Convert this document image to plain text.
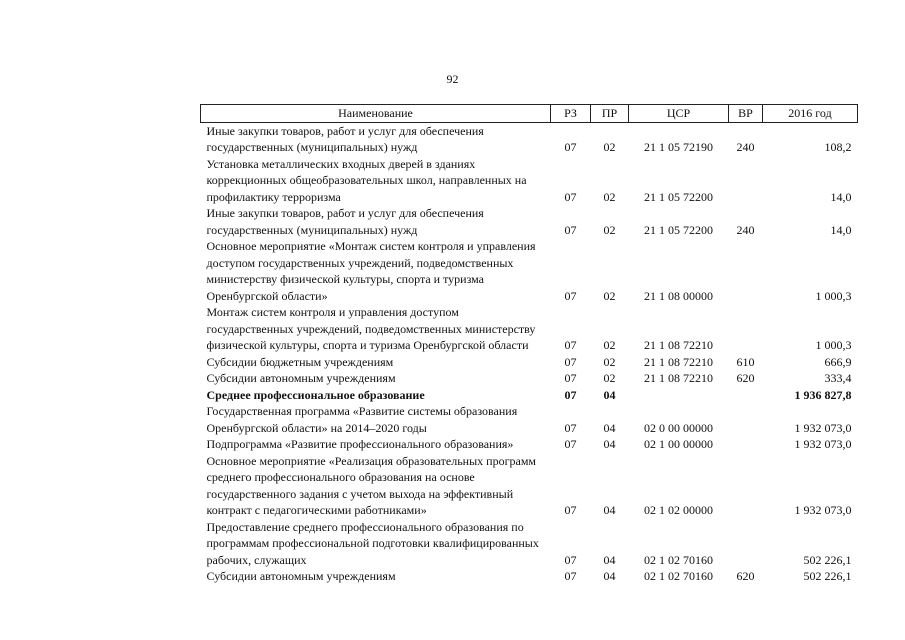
92
Наименование	РЗ	ПР	ЦСР	ВР	2016 год
Иные закупки товаров, работ и услуг для обеспечения государственных (муниципальных) нужд	07	02	21 1 05 72190	240	108,2
Установка металлических входных дверей в зданиях коррекционных общеобразовательных школ, направленных на профилактику терроризма	07	02	21 1 05 72200		14,0
Иные закупки товаров, работ и услуг для обеспечения государственных (муниципальных) нужд	07	02	21 1 05 72200	240	14,0
Основное мероприятие «Монтаж систем контроля и управления доступом государственных учреждений, подведомственных министерству физической культуры, спорта и туризма Оренбургской области»	07	02	21 1 08 00000		1 000,3
Монтаж систем контроля и управления доступом государственных учреждений, подведомственных министерству физической культуры, спорта и туризма Оренбургской области	07	02	21 1 08 72210		1 000,3
Субсидии бюджетным учреждениям	07	02	21 1 08 72210	610	666,9
Субсидии автономным учреждениям	07	02	21 1 08 72210	620	333,4
Среднее профессиональное образование	07	04			1 936 827,8
Государственная программа «Развитие системы образования Оренбургской области» на 2014–2020 годы	07	04	02 0 00 00000		1 932 073,0
Подпрограмма «Развитие профессионального образования»	07	04	02 1 00 00000		1 932 073,0
Основное мероприятие «Реализация образовательных программ среднего профессионального образования на основе государственного задания с учетом выхода на эффективный контракт с педагогическими работниками»	07	04	02 1 02 00000		1 932 073,0
Предоставление среднего профессионального образования по программам профессиональной подготовки квалифицированных рабочих, служащих	07	04	02 1 02 70160		502 226,1
Субсидии автономным учреждениям	07	04	02 1 02 70160	620	502 226,1
